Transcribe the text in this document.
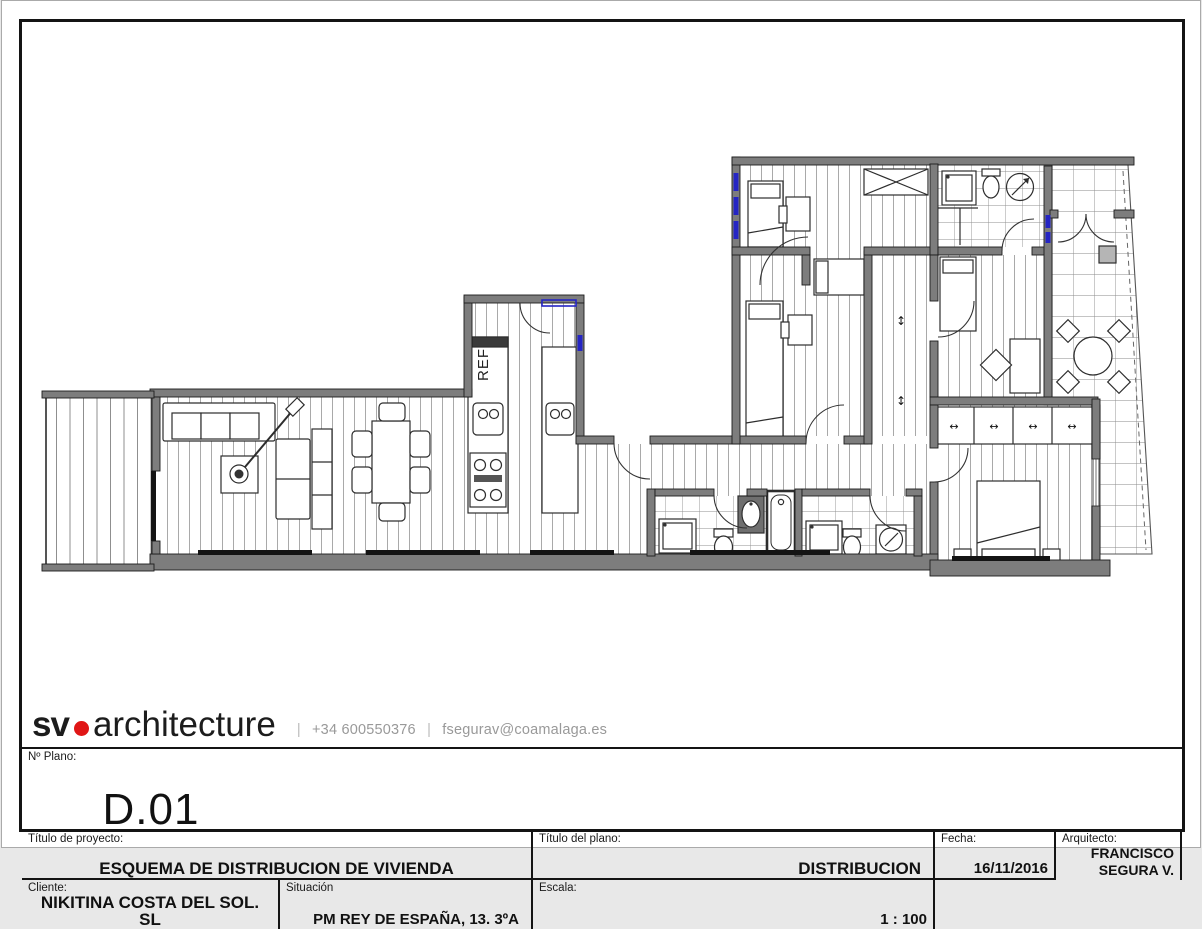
REF
↕
↕
↔	↔	↔	↔
sv architecture	| +34 600550376 | fsegurav@coamalaga.es
Título de proyecto:
ESQUEMA DE DISTRIBUCION DE VIVIENDA
Título del plano:
DISTRIBUCION
Fecha:
16/11/2016
Nº Plano:
D.01
Arquitecto:
FRANCISCO SEGURA V.
Cliente:
NIKITINA COSTA DEL SOL. SL
Situación
PM REY DE ESPAÑA, 13. 3ºA
Escala:
1 : 100
